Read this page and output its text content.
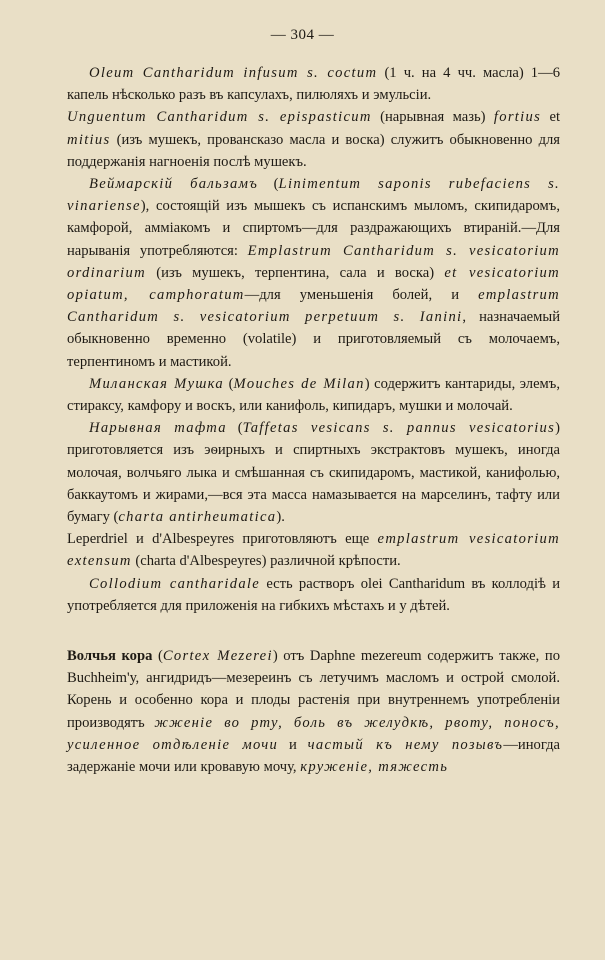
— 304 —

Oleum Cantharidum infusum s. coctum (1 ч. на 4 чч. масла) 1—6 капель нѣсколько разъ въ капсулахъ, пилюляхъ и эмульсіи.

Unguentum Cantharidum s. epispasticum (нарывная мазь) fortius et mitius (изъ мушекъ, провансказо масла и воска) служитъ обыкновенно для поддержанія нагноенія послѣ мушекъ.

Веймарскій бальзамъ (Linimentum saponis rubefaciens s. vinariense), состоящій изъ мышекъ съ испанскимъ мыломъ, скипидаромъ, камфорой, амміакомъ и спиртомъ—для раздражающихъ втираній.—Для нарыванія употребляются: Emplastrum Cantharidum s. vesicatorium ordinarium (изъ мушекъ, терпентина, сала и воска) et vesicatorium opiatum, camphoratum—для уменьшенія болей, и emplastrum Cantharidum s. vesicatorium perpetuum s. Ianini, назначаемый обыкновенно временно (volatile) и приготовляемый съ молочаемъ, терпентиномъ и мастикой.

Миланская Мушка (Mouches de Milan) содержитъ кантариды, элемъ, стираксу, камфору и воскъ, или канифоль, кипидаръ, мушки и молочай.

Нарывная тафта (Taffetas vesicans s. pannus vesicatorius) приготовляется изъ эѳирныхъ и спиртныхъ экстрактовъ мушекъ, иногда молочая, волчьяго лыка и смѣшанная съ скипидаромъ, мастикой, канифолью, баккаутомъ и жирами,—вся эта масса намазывается на марселинъ, тафту или бумагу (charta antirheumatica).

Leperdriel и d'Albespeyres приготовляютъ еще emplastrum vesicatorium extensum (charta d'Albespeyres) различной крѣпости.

Collodium cantharidale есть растворъ olei Cantharidum въ коллодіѣ и употребляется для приложенія на гибкихъ мѣстахъ и у дѣтей.

Волчья кора (Cortex Mezerei) отъ Daphne mezereum содержитъ также, по Buchheim'у, ангидридъ—мезереинъ съ летучимъ масломъ и острой смолой. Корень и особенно кора и плоды растенія при внутреннемъ употребленіи производятъ жженіе во рту, боль въ желудкѣ, рвоту, поносъ, усиленное отдѣленіе мочи и частый къ нему позывъ—иногда задержаніе мочи или кровавую мочу, круженіе, тяжесть
